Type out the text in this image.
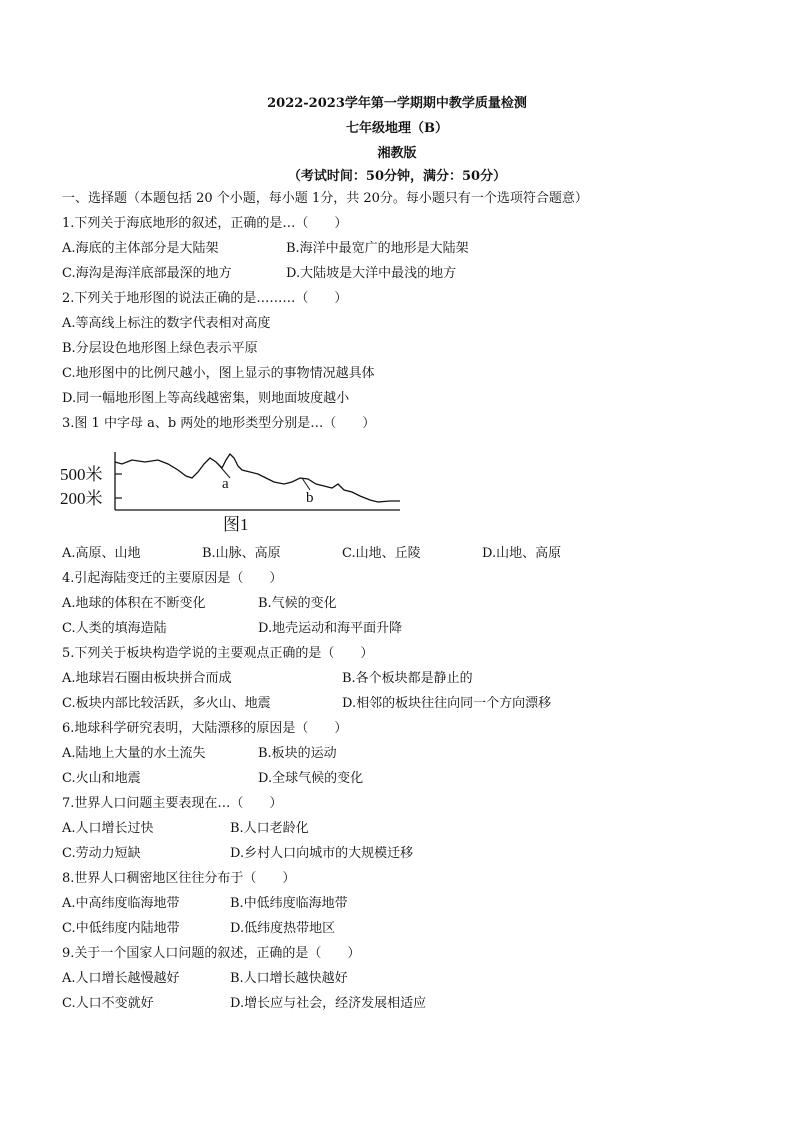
2022-2023学年第一学期期中教学质量检测
七年级地理（B）
湘教版
（考试时间：50分钟，满分：50分）
一、选择题（本题包括 20 个小题，每小题 1分，共 20分。每小题只有一个选项符合题意）
1.下列关于海底地形的叙述，正确的是…（　　）
A.海底的主体部分是大陆架	B.海洋中最宽广的地形是大陆架
C.海沟是海洋底部最深的地方	D.大陆坡是大洋中最浅的地方
2.下列关于地形图的说法正确的是………（　　）
A.等高线上标注的数字代表相对高度
B.分层设色地形图上绿色表示平原
C.地形图中的比例尺越小，图上显示的事物情况越具体
D.同一幅地形图上等高线越密集，则地面坡度越小
3.图 1 中字母 a、b 两处的地形类型分别是…（　　）
500米
200米
a
b
图1
A.高原、山地	B.山脉、高原	C.山地、丘陵	D.山地、高原
4.引起海陆变迁的主要原因是（　　）
A.地球的体积在不断变化	B.气候的变化
C.人类的填海造陆	D.地壳运动和海平面升降
5.下列关于板块构造学说的主要观点正确的是（　　）
A.地球岩石圈由板块拼合而成	B.各个板块都是静止的
C.板块内部比较活跃，多火山、地震	D.相邻的板块往往向同一个方向漂移
6.地球科学研究表明，大陆漂移的原因是（　　）
A.陆地上大量的水土流失	B.板块的运动
C.火山和地震	D.全球气候的变化
7.世界人口问题主要表现在…（　　）
A.人口增长过快	B.人口老龄化
C.劳动力短缺	D.乡村人口向城市的大规模迁移
8.世界人口稠密地区往往分布于（　　）
A.中高纬度临海地带	B.中低纬度临海地带
C.中低纬度内陆地带	D.低纬度热带地区
9.关于一个国家人口问题的叙述，正确的是（　　）
A.人口增长越慢越好	B.人口增长越快越好
C.人口不变就好	D.增长应与社会，经济发展相适应
